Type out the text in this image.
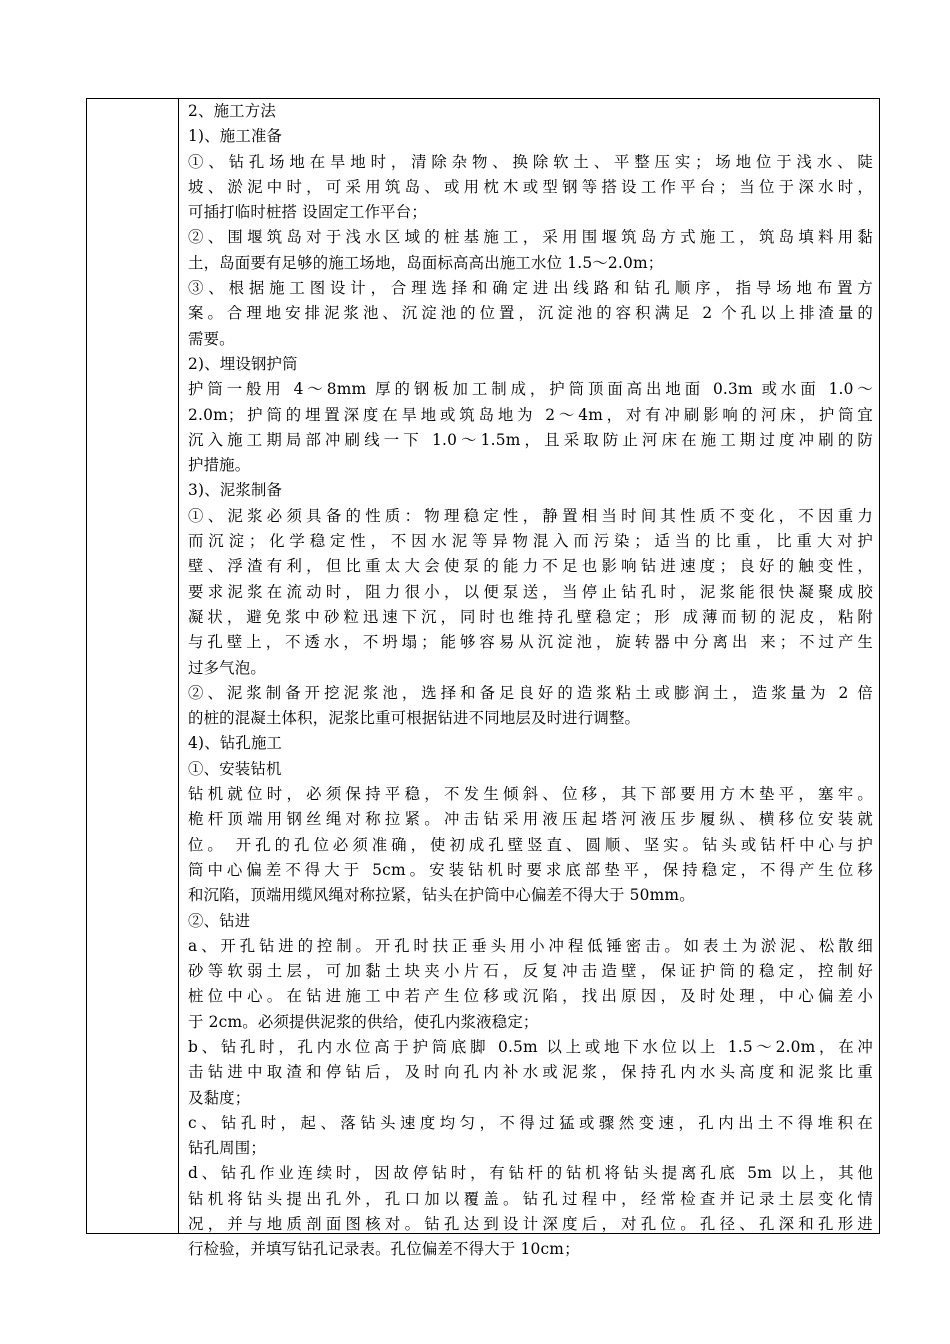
2、施工方法
1)、施工准备
①、钻孔场地在旱地时，清除杂物、换除软土、平整压实；场地位于浅水、陡
坡、淤泥中时，可采用筑岛、或用枕木或型钢等搭设工作平台；当位于深水时，
可插打临时桩搭 设固定工作平台；
②、围堰筑岛对于浅水区域的桩基施工，采用围堰筑岛方式施工，筑岛填料用黏
土，岛面要有足够的施工场地，岛面标高高出施工水位 1.5～2.0m；
③、根据施工图设计，合理选择和确定进出线路和钻孔顺序，指导场地布置方
案。合理地安排泥浆池、沉淀池的位置，沉淀池的容积满足 2 个孔以上排渣量的
需要。
2)、埋设钢护筒
护筒一般用 4～8mm 厚的钢板加工制成，护筒顶面高出地面 0.3m 或水面 1.0～
2.0m；护筒的埋置深度在旱地或筑岛地为 2～4m，对有冲刷影响的河床，护筒宜
沉入施工期局部冲刷线一下 1.0～1.5m，且采取防止河床在施工期过度冲刷的防
护措施。
3)、泥浆制备
①、泥浆必须具备的性质：物理稳定性，静置相当时间其性质不变化，不因重力
而沉淀；化学稳定性，不因水泥等异物混入而污染；适当的比重，比重大对护
壁、浮渣有利，但比重太大会使泵的能力不足也影响钻进速度；良好的触变性，
要求泥浆在流动时，阻力很小，以便泵送，当停止钻孔时，泥浆能很快凝聚成胶
凝状，避免浆中砂粒迅速下沉，同时也维持孔壁稳定；形 成薄而韧的泥皮，粘附
与孔壁上，不透水，不坍塌；能够容易从沉淀池，旋转器中分离出 来；不过产生
过多气泡。
②、泥浆制备开挖泥浆池，选择和备足良好的造浆粘土或膨润土，造浆量为 2 倍
的桩的混凝土体积，泥浆比重可根据钻进不同地层及时进行调整。
4)、钻孔施工
①、安装钻机
钻机就位时，必须保持平稳，不发生倾斜、位移，其下部要用方木垫平，塞牢。
桅杆顶端用钢丝绳对称拉紧。冲击钻采用液压起塔河液压步履纵、横移位安装就
位。 开孔的孔位必须准确，使初成孔壁竖直、圆顺、坚实。钻头或钻杆中心与护
筒中心偏差不得大于 5cm。安装钻机时要求底部垫平，保持稳定，不得产生位移
和沉陷，顶端用缆风绳对称拉紧，钻头在护筒中心偏差不得大于 50mm。
②、钻进
a、开孔钻进的控制。开孔时扶正垂头用小冲程低锤密击。如表土为淤泥、松散细
砂等软弱土层，可加黏土块夹小片石，反复冲击造壁，保证护筒的稳定，控制好
桩位中心。在钻进施工中若产生位移或沉陷，找出原因，及时处理，中心偏差小
于 2cm。必须提供泥浆的供给，使孔内浆液稳定；
b、钻孔时，孔内水位高于护筒底脚 0.5m 以上或地下水位以上 1.5～2.0m，在冲
击钻进中取渣和停钻后，及时向孔内补水或泥浆，保持孔内水头高度和泥浆比重
及黏度；
c、钻孔时，起、落钻头速度均匀，不得过猛或骤然变速，孔内出土不得堆积在
钻孔周围；
d、钻孔作业连续时，因故停钻时，有钻杆的钻机将钻头提离孔底 5m 以上，其他
钻机将钻头提出孔外，孔口加以覆盖。钻孔过程中，经常检查并记录土层变化情
况，并与地质剖面图核对。钻孔达到设计深度后，对孔位。孔径、孔深和孔形进
行检验，并填写钻孔记录表。孔位偏差不得大于 10cm；
